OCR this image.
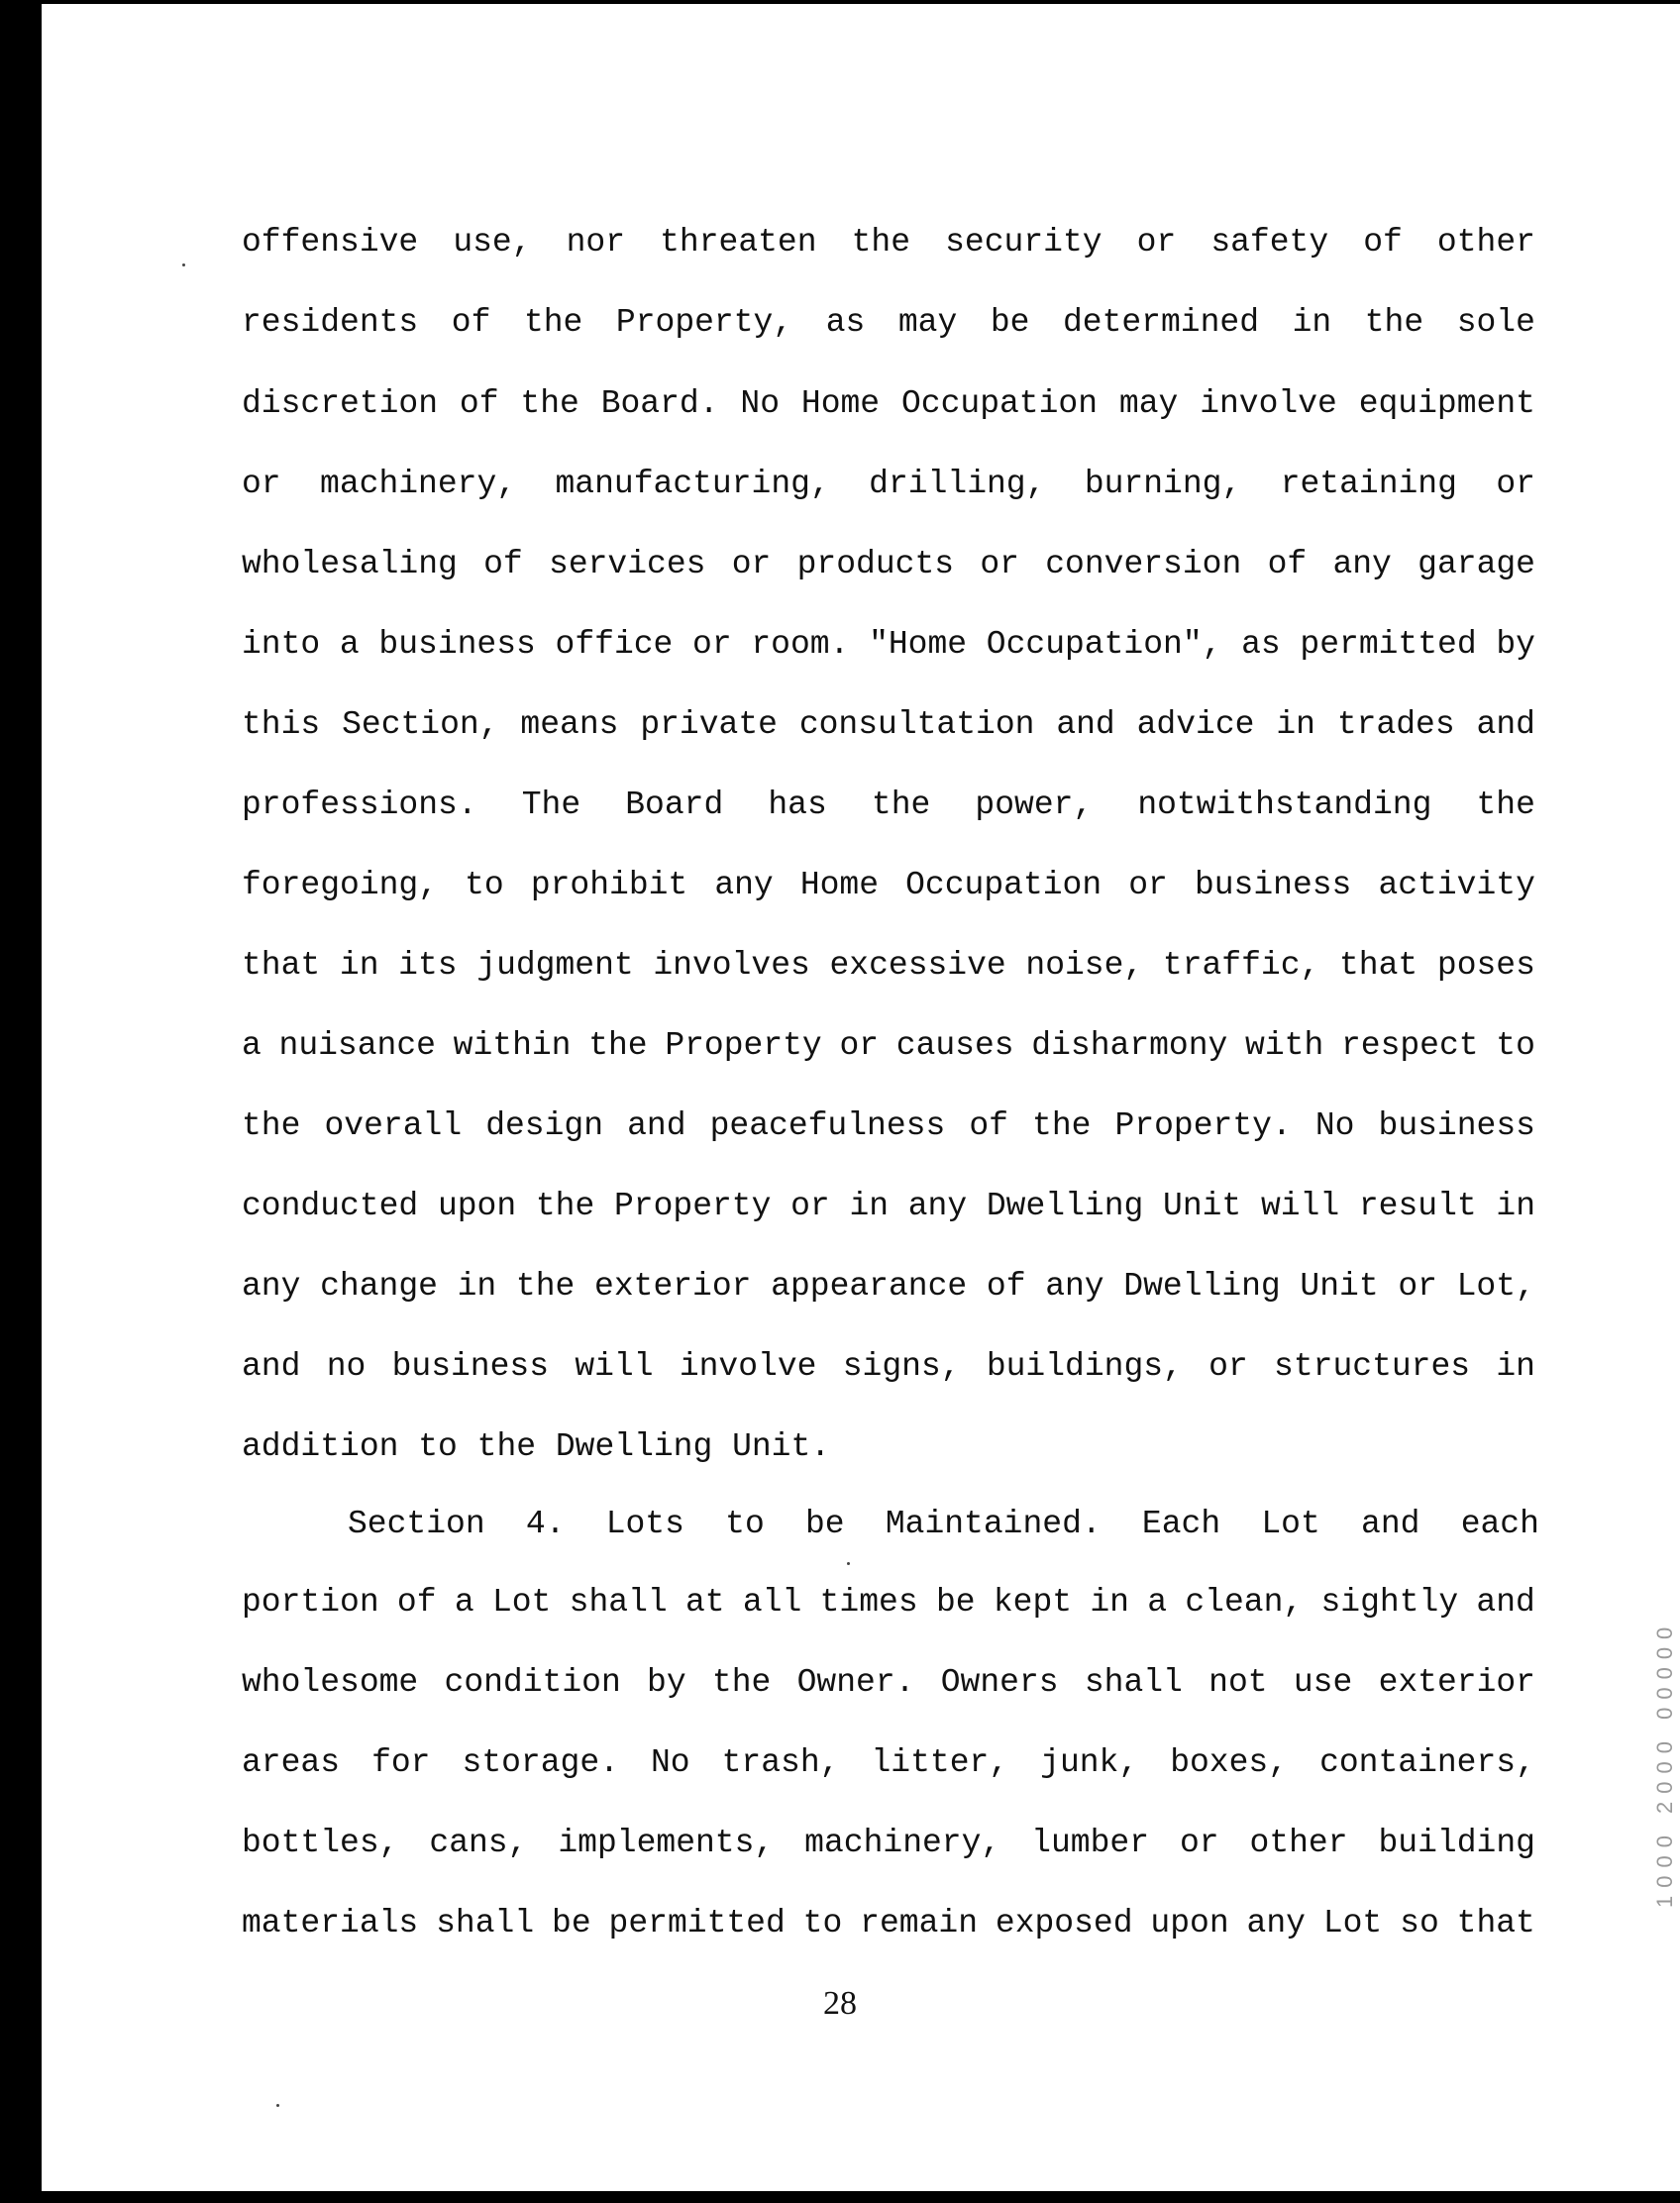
offensive use, nor threaten the security or safety of other
residents of the Property, as may be determined in the sole
discretion of the Board. No Home Occupation may involve equipment
or machinery, manufacturing, drilling, burning, retaining or
wholesaling of services or products or conversion of any garage
into a business office or room. "Home Occupation", as permitted by
this Section, means private consultation and advice in trades and
professions. The Board has the power, notwithstanding the
foregoing, to prohibit any Home Occupation or business activity
that in its judgment involves excessive noise, traffic, that poses
a nuisance within the Property or causes disharmony with respect to
the overall design and peacefulness of the Property. No business
conducted upon the Property or in any Dwelling Unit will result in
any change in the exterior appearance of any Dwelling Unit or Lot,
and no business will involve signs, buildings, or structures in
addition to the Dwelling Unit.
Section 4. Lots to be Maintained. Each Lot and each
portion of a Lot shall at all times be kept in a clean, sightly and
wholesome condition by the Owner. Owners shall not use exterior
areas for storage. No trash, litter, junk, boxes, containers,
bottles, cans, implements, machinery, lumber or other building
materials shall be permitted to remain exposed upon any Lot so that
28
1000 2000 00000
